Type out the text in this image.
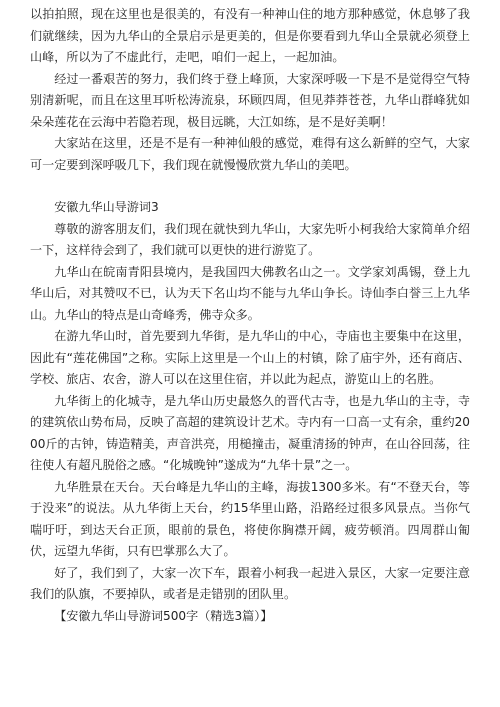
以拍拍照，现在这里也是很美的，有没有一种神山住的地方那种感觉，休息够了我们就继续，因为九华山的全景启示是更美的，但是你要看到九华山全景就必须登上山峰，所以为了不虚此行，走吧，咱们一起上，一起加油。

经过一番艰苦的努力，我们终于登上峰顶，大家深呼吸一下是不是觉得空气特别清新呢，而且在这里耳听松涛流泉，环顾四周，但见莽莽苍苍，九华山群峰犹如朵朵莲花在云海中若隐若现，极目远眺，大江如练，是不是好美啊！

大家站在这里，还是不是有一种神仙般的感觉，难得有这么新鲜的空气，大家可一定要到深呼吸几下，我们现在就慢慢欣赏九华山的美吧。

安徽九华山导游词3

尊敬的游客朋友们，我们现在就快到九华山，大家先听小柯我给大家简单介绍一下，这样待会到了，我们就可以更快的进行游览了。

九华山在皖南青阳县境内，是我国四大佛教名山之一。文学家刘禹锡，登上九华山后，对其赞叹不已，认为天下名山均不能与九华山争长。诗仙李白誉三上九华山。九华山的特点是山奇峰秀，佛寺众多。

在游九华山时，首先要到九华街，是九华山的中心，寺庙也主要集中在这里，因此有“莲花佛国”之称。实际上这里是一个山上的村镇，除了庙宇外，还有商店、学校、旅店、农舍，游人可以在这里住宿，并以此为起点，游览山上的名胜。

九华街上的化城寺，是九华山历史最悠久的晋代古寺，也是九华山的主寺，寺的建筑依山势布局，反映了高超的建筑设计艺术。寺内有一口高一丈有余，重约2000斤的古钟，铸造精美，声音洪亮，用槌撞击，凝重清扬的钟声，在山谷回荡，往往使人有超凡脱俗之感。“化城晚钟”遂成为“九华十景”之一。

九华胜景在天台。天台峰是九华山的主峰，海拔1300多米。有“不登天台，等于没来”的说法。从九华街上天台，约15华里山路，沿路经过很多风景点。当你气喘吁吁，到达天台正顶，眼前的景色，将使你胸襟开阔，疲劳顿消。四周群山匍伏，远望九华街，只有巴掌那么大了。

好了，我们到了，大家一次下车，跟着小柯我一起进入景区，大家一定要注意我们的队旗，不要掉队，或者是走错别的团队里。

【安徽九华山导游词500字（精选3篇）】
